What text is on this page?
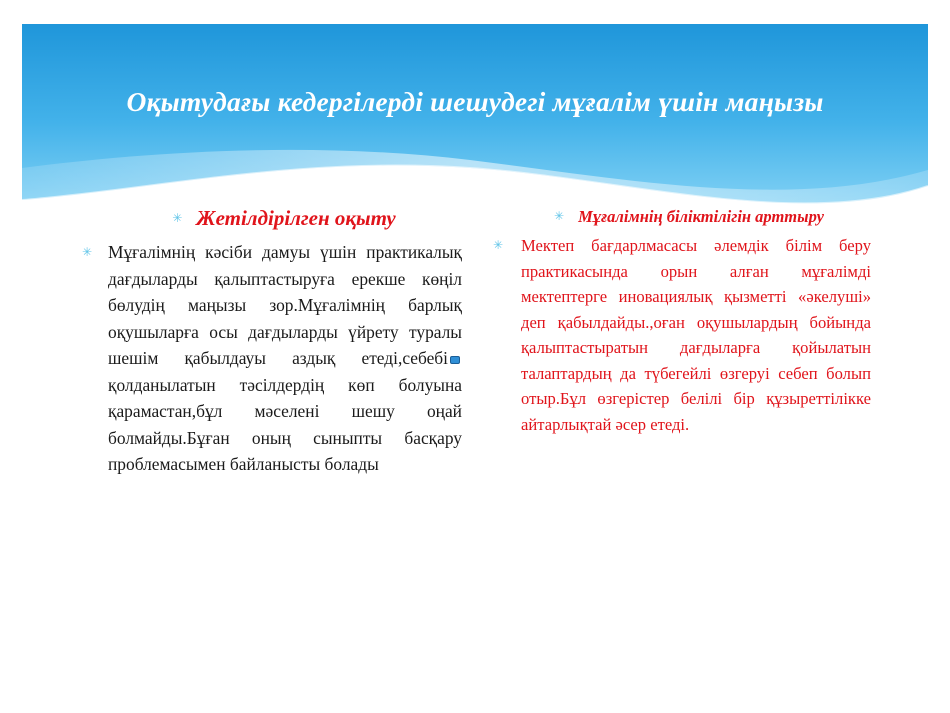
Оқытудағы кедергілерді шешудегі мұғалім үшін маңызы
✳ Жетілдірілген оқыту
✳ Мұғалімнің кәсіби дамуы үшін практикалық дағдыларды қалыптастыруға ерекше көңіл бөлудің маңызы зор.Мұғалімнің барлық оқушыларға осы дағдыларды үйрету туралы шешім қабылдауы аздық етеді,себебі қолданылатын тәсілдердің көп болуына қарамастан,бұл мәселені шешу оңай болмайды.Бұған оның сыныпты басқару проблемасымен байланысты болады
✳ Мұғалімнің біліктілігін арттыру
✳ Мектеп бағдарлмасасы әлемдік білім беру практикасында орын алған мұғалімді мектептерге иновациялық қызметті «әкелуші» деп қабылдайды.,оған оқушылардың бойында қалыптастыратын дағдыларға қойылатын талаптардың да түбегейлі өзгеруі себеп болып отыр.Бұл өзгерістер белілі бір құзыреттілікке айтарлықтай әсер етеді.
